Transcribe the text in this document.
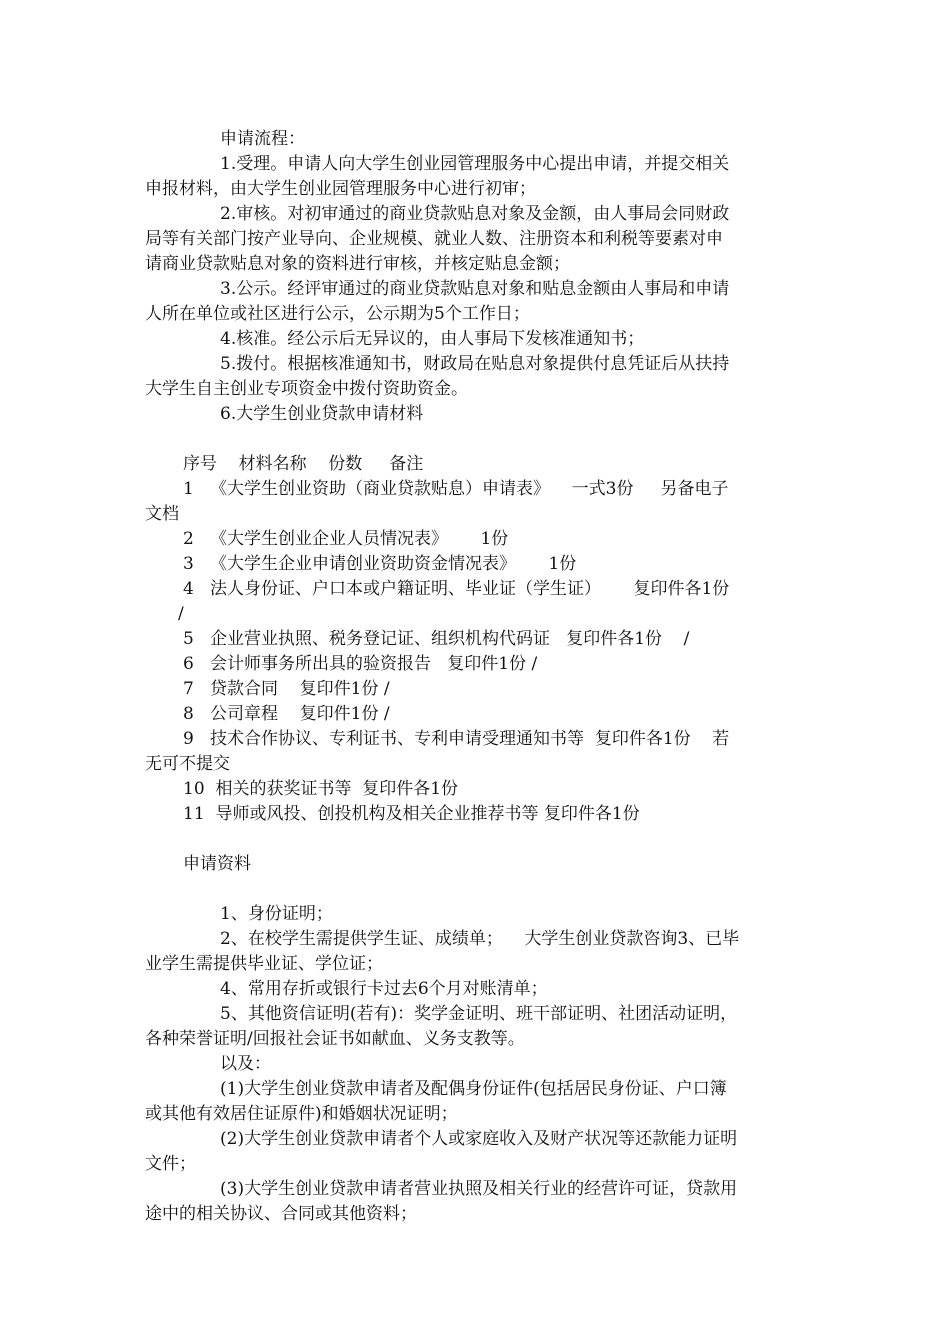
申请流程：
1.受理。申请人向大学生创业园管理服务中心提出申请，并提交相关
申报材料，由大学生创业园管理服务中心进行初审；
2.审核。对初审通过的商业贷款贴息对象及金额，由人事局会同财政
局等有关部门按产业导向、企业规模、就业人数、注册资本和利税等要素对申
请商业贷款贴息对象的资料进行审核，并核定贴息金额；
3.公示。经评审通过的商业贷款贴息对象和贴息金额由人事局和申请
人所在单位或社区进行公示，公示期为5个工作日；
4.核准。经公示后无异议的，由人事局下发核准通知书；
5.拨付。根据核准通知书，财政局在贴息对象提供付息凭证后从扶持
大学生自主创业专项资金中拨付资助资金。
6.大学生创业贷款申请材料
序号    材料名称    份数     备注
1   《大学生创业资助（商业贷款贴息）申请表》    一式3份     另备电子
文档
2   《大学生创业企业人员情况表》      1份
3   《大学生企业申请创业资助资金情况表》      1份
4   法人身份证、户口本或户籍证明、毕业证（学生证）      复印件各1份
/
5   企业营业执照、税务登记证、组织机构代码证   复印件各1份    /
6   会计师事务所出具的验资报告   复印件1份 /
7   贷款合同    复印件1份 /
8   公司章程    复印件1份 /
9   技术合作协议、专利证书、专利申请受理通知书等  复印件各1份    若
无可不提交
10  相关的获奖证书等  复印件各1份
11  导师或风投、创投机构及相关企业推荐书等 复印件各1份
申请资料
1、身份证明；
2、在校学生需提供学生证、成绩单；    大学生创业贷款咨询3、已毕
业学生需提供毕业证、学位证；
4、常用存折或银行卡过去6个月对账清单；
5、其他资信证明(若有)：奖学金证明、班干部证明、社团活动证明，
各种荣誉证明/回报社会证书如献血、义务支教等。
以及：
(1)大学生创业贷款申请者及配偶身份证件(包括居民身份证、户口簿
或其他有效居住证原件)和婚姻状况证明；
(2)大学生创业贷款申请者个人或家庭收入及财产状况等还款能力证明
文件；
(3)大学生创业贷款申请者营业执照及相关行业的经营许可证，贷款用
途中的相关协议、合同或其他资料；
